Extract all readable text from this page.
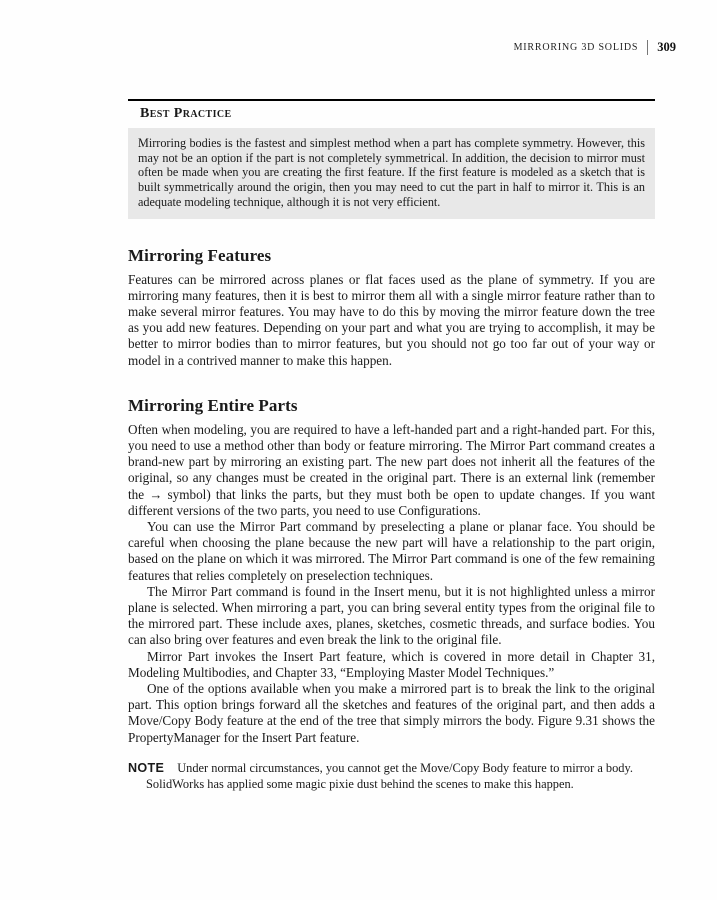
MIRRORING 3D SOLIDS	309
Best Practice
Mirroring bodies is the fastest and simplest method when a part has complete symmetry. However, this may not be an option if the part is not completely symmetrical. In addition, the decision to mirror must often be made when you are creating the first feature. If the first feature is modeled as a sketch that is built symmetrically around the origin, then you may need to cut the part in half to mirror it. This is an adequate modeling technique, although it is not very efficient.
Mirroring Features

Features can be mirrored across planes or flat faces used as the plane of symmetry. If you are mirroring many features, then it is best to mirror them all with a single mirror feature rather than to make several mirror features. You may have to do this by moving the mirror feature down the tree as you add new features. Depending on your part and what you are trying to accomplish, it may be better to mirror bodies than to mirror features, but you should not go too far out of your way or model in a contrived manner to make this happen.

Mirroring Entire Parts

Often when modeling, you are required to have a left-handed part and a right-handed part. For this, you need to use a method other than body or feature mirroring. The Mirror Part command creates a brand-new part by mirroring an existing part. The new part does not inherit all the features of the original, so any changes must be created in the original part. There is an external link (remember the → symbol) that links the parts, but they must both be open to update changes. If you want different versions of the two parts, you need to use Configurations.

You can use the Mirror Part command by preselecting a plane or planar face. You should be careful when choosing the plane because the new part will have a relationship to the part origin, based on the plane on which it was mirrored. The Mirror Part command is one of the few remaining features that relies completely on preselection techniques.

The Mirror Part command is found in the Insert menu, but it is not highlighted unless a mirror plane is selected. When mirroring a part, you can bring several entity types from the original file to the mirrored part. These include axes, planes, sketches, cosmetic threads, and surface bodies. You can also bring over features and even break the link to the original file.

Mirror Part invokes the Insert Part feature, which is covered in more detail in Chapter 31, Modeling Multibodies, and Chapter 33, “Employing Master Model Techniques.”

One of the options available when you make a mirrored part is to break the link to the original part. This option brings forward all the sketches and features of the original part, and then adds a Move/Copy Body feature at the end of the tree that simply mirrors the body. Figure 9.31 shows the PropertyManager for the Insert Part feature.

NOTE Under normal circumstances, you cannot get the Move/Copy Body feature to mirror a body. SolidWorks has applied some magic pixie dust behind the scenes to make this happen.
